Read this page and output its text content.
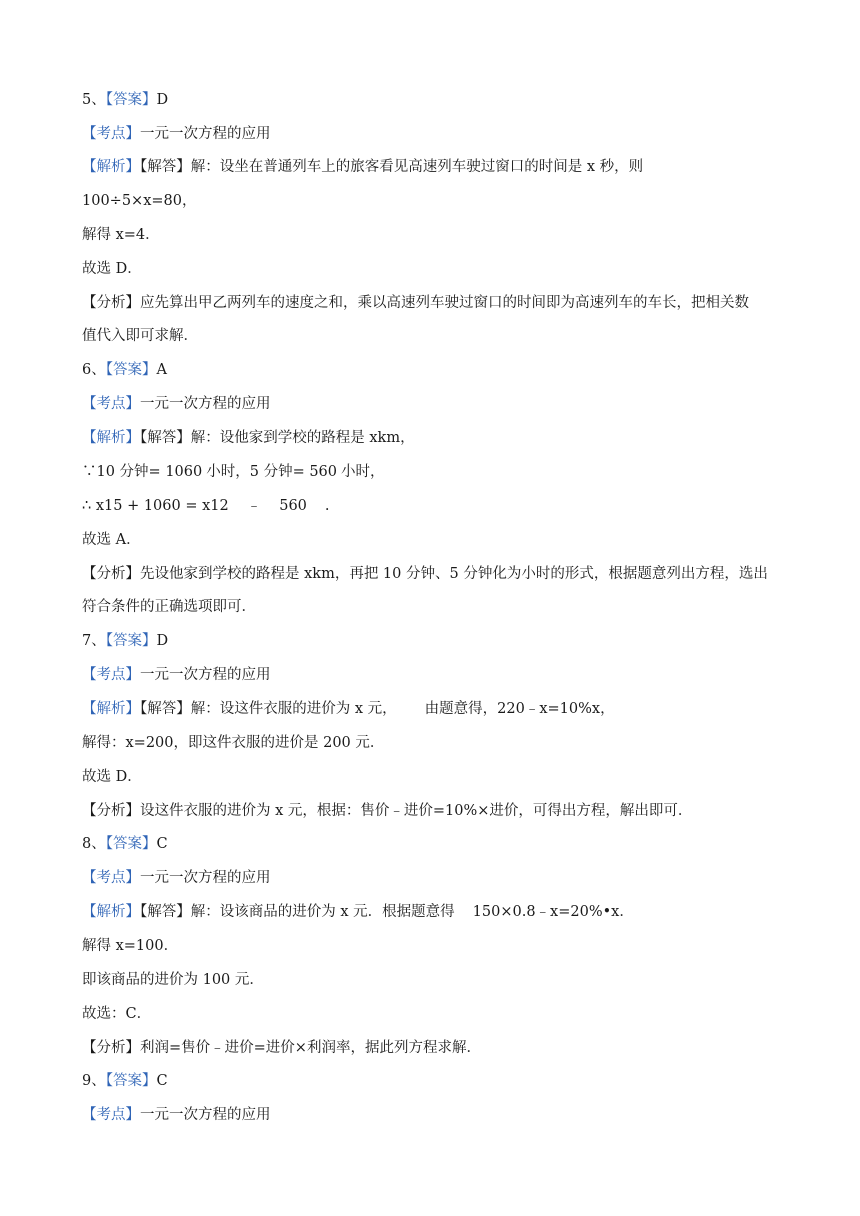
5、【答案】D
【考点】一元一次方程的应用
【解析】【解答】解：设坐在普通列车上的旅客看见高速列车驶过窗口的时间是 x 秒，则
100÷5×x=80，
解得 x=4．
故选 D．
【分析】应先算出甲乙两列车的速度之和，乘以高速列车驶过窗口的时间即为高速列车的车长，把相关数
值代入即可求解．
6、【答案】A
【考点】一元一次方程的应用
【解析】【解答】解：设他家到学校的路程是 xkm，
∵10 分钟= 1060 小时，5 分钟= 560 小时，
∴ x15 + 1060 = x12 ﹣ 560 .
故选 A．
【分析】先设他家到学校的路程是 xkm，再把 10 分钟、5 分钟化为小时的形式，根据题意列出方程，选出
符合条件的正确选项即可．
7、【答案】D
【考点】一元一次方程的应用
【解析】【解答】解：设这件衣服的进价为 x 元， 由题意得，220﹣x=10%x，
解得：x=200，即这件衣服的进价是 200 元．
故选 D．
【分析】设这件衣服的进价为 x 元，根据：售价﹣进价=10%×进价，可得出方程，解出即可．
8、【答案】C
【考点】一元一次方程的应用
【解析】【解答】解：设该商品的进价为 x 元．根据题意得 150×0.8﹣x=20%•x．
解得 x=100．
即该商品的进价为 100 元．
故选：C．
【分析】利润=售价﹣进价=进价×利润率，据此列方程求解．
9、【答案】C
【考点】一元一次方程的应用
